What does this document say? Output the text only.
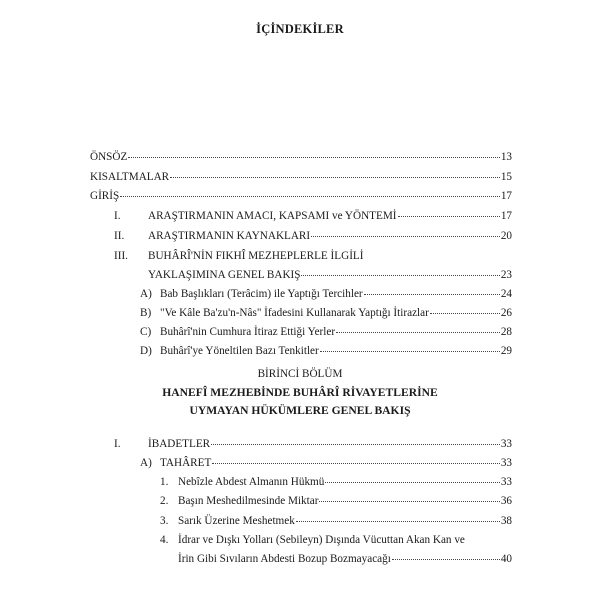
İÇİNDEKİLER
ÖNSÖZ	13
KISALTMALAR	15
GİRİŞ	17
I. ARAŞTIRMANIN AMACI, KAPSAMI ve YÖNTEMİ	17
II. ARAŞTIRMANIN KAYNAKLARI	20
III. BUHÂRÎ'NİN FIKHÎ MEZHEPLERLE İLGİLİ
YAKLAŞIMINA GENEL BAKIŞ	23
A) Bab Başlıkları (Terâcim) ile Yaptığı Tercihler	24
B) "Ve Kâle Ba'zu'n-Nâs" İfadesini Kullanarak Yaptığı İtirazlar	26
C) Buhârî'nin Cumhura İtiraz Ettiği Yerler	28
D) Buhârî'ye Yöneltilen Bazı Tenkitler	29
BİRİNCİ BÖLÜM
HANEFÎ MEZHEBİNDE BUHÂRÎ RİVAYETLERİNE
UYMAYAN HÜKÜMLERE GENEL BAKIŞ
I. İBADETLER	33
A) TAHÂRET	33
1. Nebîzle Abdest Almanın Hükmü	33
2. Başın Meshedilmesinde Miktar	36
3. Sarık Üzerine Meshetmek	38
4. İdrar ve Dışkı Yolları (Sebileyn) Dışında Vücuttan Akan Kan ve
İrin Gibi Sıvıların Abdesti Bozup Bozmayacağı	40
